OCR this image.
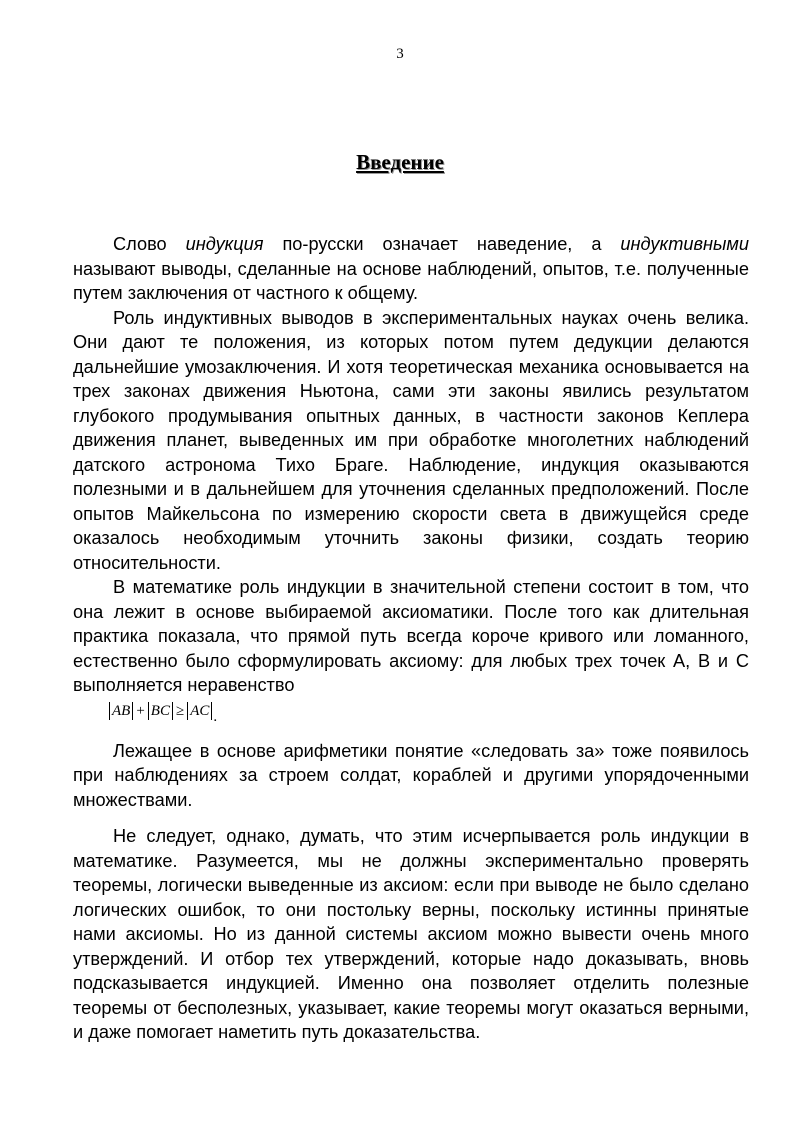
3
Введение

Слово индукция по-русски означает наведение, а индуктивными называют выводы, сделанные на основе наблюдений, опытов, т.е. полученные путем заключения от частного к общему.

Роль индуктивных выводов в экспериментальных науках очень велика. Они дают те положения, из которых потом путем дедукции делаются дальнейшие умозаключения. И хотя теоретическая механика основывается на трех законах движения Ньютона, сами эти законы явились результатом глубокого продумывания опытных данных, в частности законов Кеплера движения планет, выведенных им при обработке многолетних наблюдений датского астронома Тихо Браге. Наблюдение, индукция оказываются полезными и в дальнейшем для уточнения сделанных предположений. После опытов Майкельсона по измерению скорости света в движущейся среде оказалось необходимым уточнить законы физики, создать теорию относительности.

В математике роль индукции в значительной степени состоит в том, что она лежит в основе выбираемой аксиоматики. После того как длительная практика показала, что прямой путь всегда короче кривого или ломанного, естественно было сформулировать аксиому: для любых трех точек A, B и C выполняется неравенство

AB + BC ≥ AC .

Лежащее в основе арифметики понятие «следовать за» тоже появилось при наблюдениях за строем солдат, кораблей и другими упорядоченными множествами.

Не следует, однако, думать, что этим исчерпывается роль индукции в математике. Разумеется, мы не должны экспериментально проверять теоремы, логически выведенные из аксиом: если при выводе не было сделано логических ошибок, то они постольку верны, поскольку истинны принятые нами аксиомы. Но из данной системы аксиом можно вывести очень много утверждений. И отбор тех утверждений, которые надо доказывать, вновь подсказывается индукцией. Именно она позволяет отделить полезные теоремы от бесполезных, указывает, какие теоремы могут оказаться верными, и даже помогает наметить путь доказательства.
